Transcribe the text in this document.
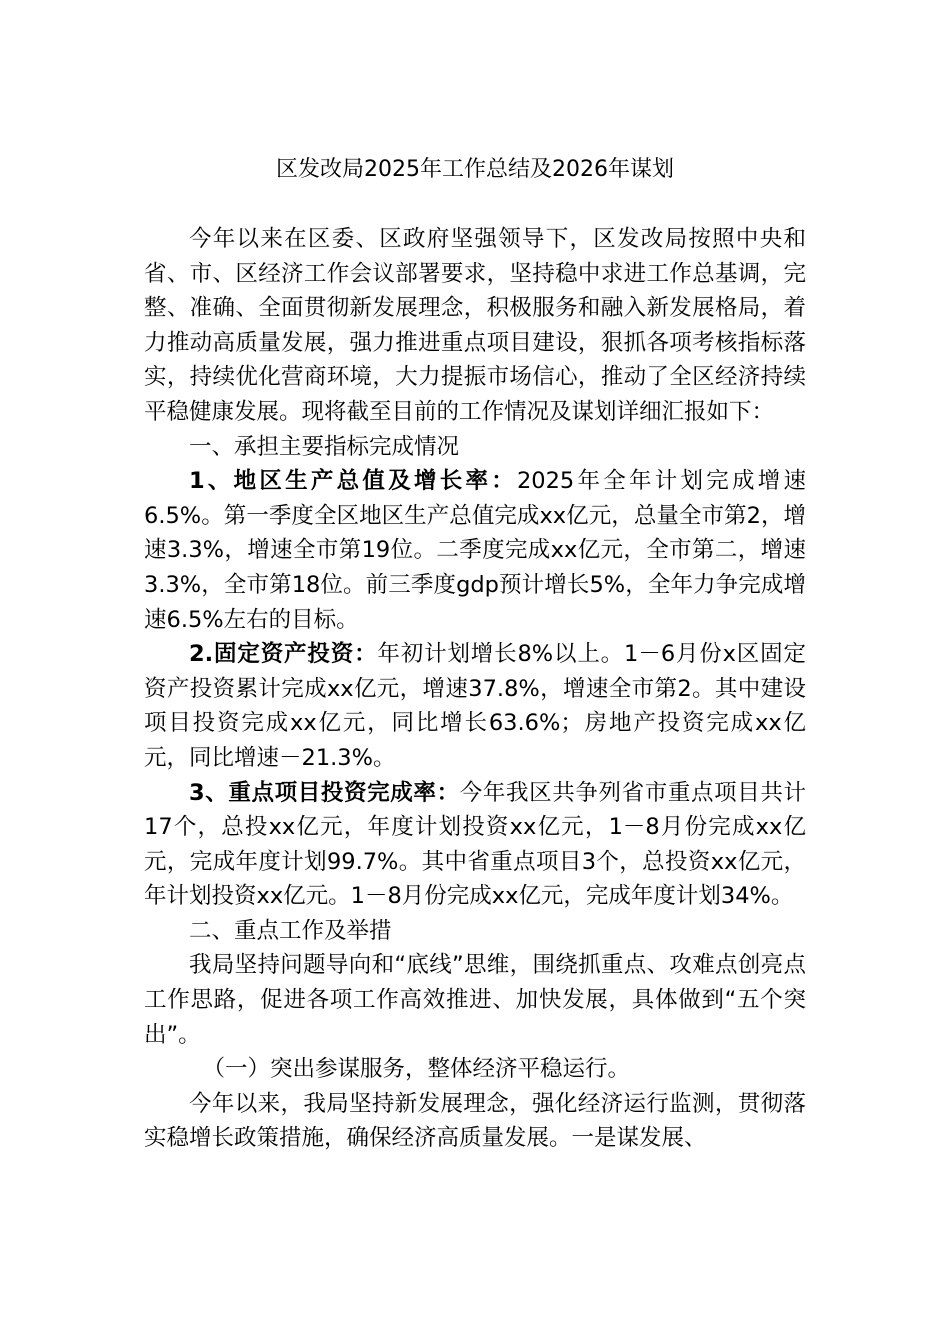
区发改局2025年工作总结及2026年谋划

今年以来在区委、区政府坚强领导下，区发改局按照中央和省、市、区经济工作会议部署要求，坚持稳中求进工作总基调，完整、准确、全面贯彻新发展理念，积极服务和融入新发展格局，着力推动高质量发展，强力推进重点项目建设，狠抓各项考核指标落实，持续优化营商环境，大力提振市场信心，推动了全区经济持续平稳健康发展。现将截至目前的工作情况及谋划详细汇报如下：

一、承担主要指标完成情况

1、地区生产总值及增长率：2025年全年计划完成增速6.5%。第一季度全区地区生产总值完成xx亿元，总量全市第2，增速3.3%，增速全市第19位。二季度完成xx亿元，全市第二，增速3.3%，全市第18位。前三季度gdp预计增长5%，全年力争完成增速6.5%左右的目标。

2.固定资产投资：年初计划增长8%以上。1－6月份x区固定资产投资累计完成xx亿元，增速37.8%，增速全市第2。其中建设项目投资完成xx亿元，同比增长63.6%；房地产投资完成xx亿元，同比增速－21.3%。

3、重点项目投资完成率：今年我区共争列省市重点项目共计17个，总投xx亿元，年度计划投资xx亿元，1－8月份完成xx亿元，完成年度计划99.7%。其中省重点项目3个，总投资xx亿元，年计划投资xx亿元。1－8月份完成xx亿元，完成年度计划34%。

二、重点工作及举措

我局坚持问题导向和“底线”思维，围绕抓重点、攻难点创亮点工作思路，促进各项工作高效推进、加快发展，具体做到“五个突出”。

（一）突出参谋服务，整体经济平稳运行。

今年以来，我局坚持新发展理念，强化经济运行监测，贯彻落实稳增长政策措施，确保经济高质量发展。一是谋发展、
